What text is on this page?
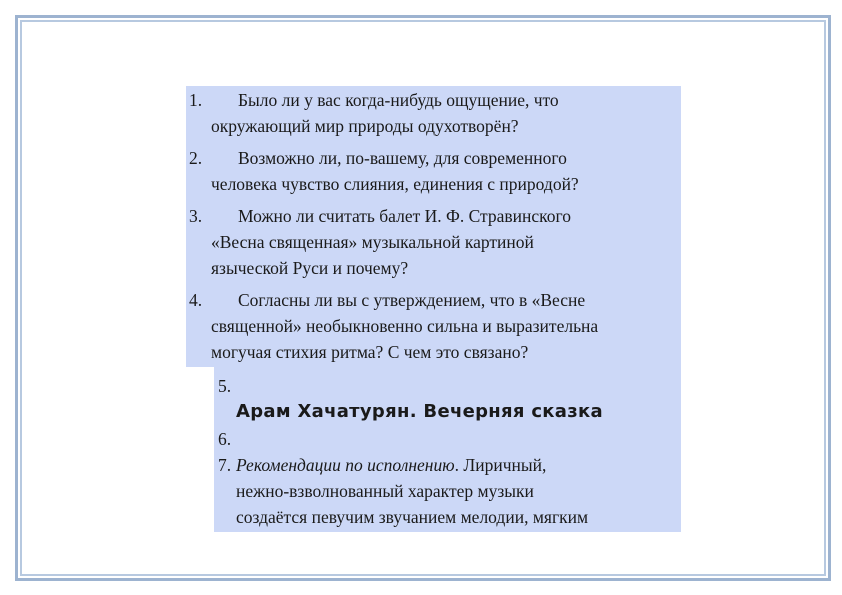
1. Было ли у вас когда-нибудь ощущение, что
окружающий мир природы одухотворён?
2. Возможно ли, по-вашему, для современного
человека чувство слияния, единения с природой?
3. Можно ли считать балет И. Ф. Стравинского
«Весна священная» музыкальной картиной
языческой Руси и почему?
4. Согласны ли вы с утверждением, что в «Весне
священной» необыкновенно сильна и выразительна
могучая стихия ритма? С чем это связано?
5.
Арам Хачатурян. Вечерняя сказка
6.
7. Рекомендации по исполнению. Лиричный,
нежно-взволнованный характер музыки
создаётся певучим звучанием мелодии, мягким
